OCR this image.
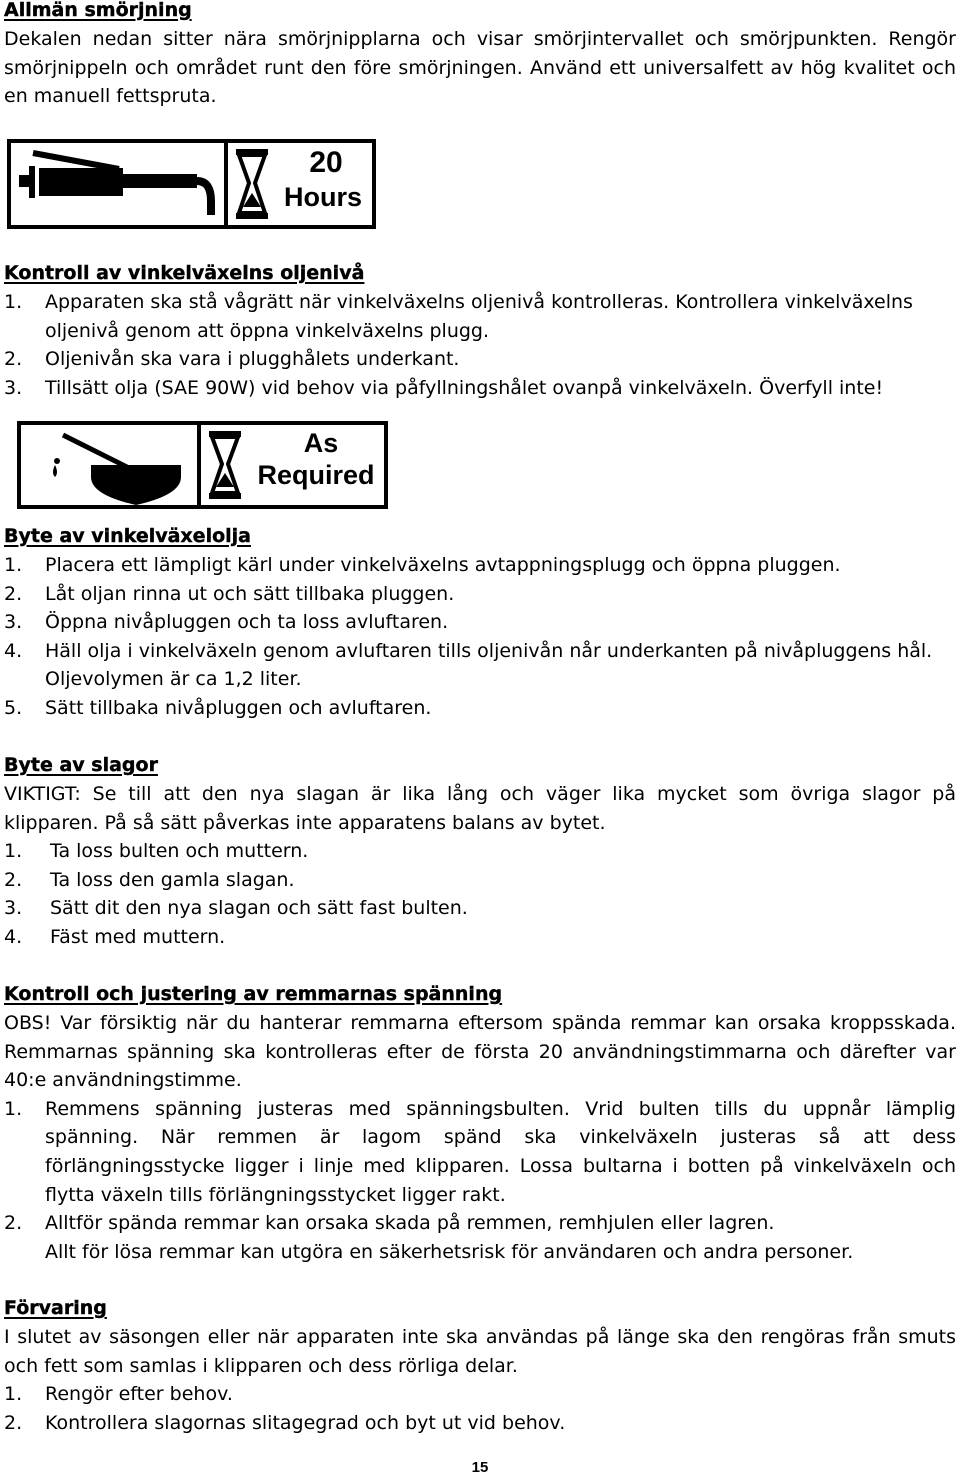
Allmän smörjning

Dekalen nedan sitter nära smörjnipplarna och visar smörjintervallet och smörjpunkten. Rengör smörjnippeln och området runt den före smörjningen. Använd ett universalfett av hög kvalitet och en manuell fettspruta.

20
Hours
Kontroll av vinkelväxelns oljenivå
1.	Apparaten ska stå vågrätt när vinkelväxelns oljenivå kontrolleras. Kontrollera vinkelväxelns oljenivå genom att öppna vinkelväxelns plugg.
2.	Oljenivån ska vara i plugghålets underkant.
3.	Tillsätt olja (SAE 90W) vid behov via påfyllningshålet ovanpå vinkelväxeln. Överfyll inte!
As
Required
Byte av vinkelväxelolja
1.	Placera ett lämpligt kärl under vinkelväxelns avtappningsplugg och öppna pluggen.
2.	Låt oljan rinna ut och sätt tillbaka pluggen.
3.	Öppna nivåpluggen och ta loss avluftaren.
4.	Häll olja i vinkelväxeln genom avluftaren tills oljenivån når underkanten på nivåpluggens hål. Oljevolymen är ca 1,2 liter.
5.	Sätt tillbaka nivåpluggen och avluftaren.
Byte av slagor

VIKTIGT: Se till att den nya slagan är lika lång och väger lika mycket som övriga slagor på klipparen. På så sätt påverkas inte apparatens balans av bytet.

1.	Ta loss bulten och muttern.
2.	Ta loss den gamla slagan.
3.	Sätt dit den nya slagan och sätt fast bulten.
4.	Fäst med muttern.
Kontroll och justering av remmarnas spänning

OBS! Var försiktig när du hanterar remmarna eftersom spända remmar kan orsaka kroppsskada. Remmarnas spänning ska kontrolleras efter de första 20 användningstimmarna och därefter var 40:e användningstimme.

1.	Remmens spänning justeras med spänningsbulten. Vrid bulten tills du uppnår lämplig spänning. När remmen är lagom spänd ska vinkelväxeln justeras så att dess förlängningsstycke ligger i linje med klipparen. Lossa bultarna i botten på vinkelväxeln och flytta växeln tills förlängningsstycket ligger rakt.
2.	Alltför spända remmar kan orsaka skada på remmen, remhjulen eller lagren.
Allt för lösa remmar kan utgöra en säkerhetsrisk för användaren och andra personer.
Förvaring

I slutet av säsongen eller när apparaten inte ska användas på länge ska den rengöras från smuts och fett som samlas i klipparen och dess rörliga delar.

1.	Rengör efter behov.
2.	Kontrollera slagornas slitagegrad och byt ut vid behov.
15
